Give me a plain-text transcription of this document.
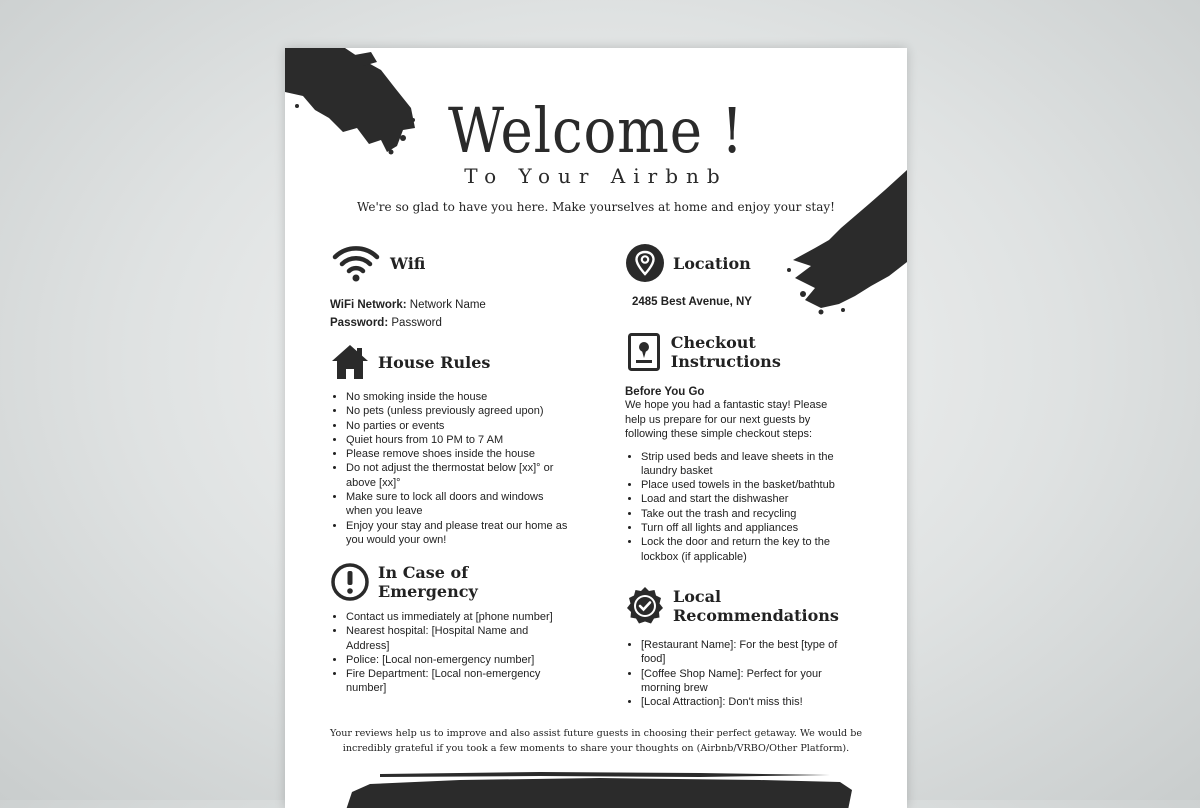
Welcome !
To Your Airbnb
We're so glad to have you here. Make yourselves at home and enjoy your stay!
Wifi
WiFi Network: Network Name
Password: Password
Location
2485 Best Avenue, NY
House Rules
• No smoking inside the house
• No pets (unless previously agreed upon)
• No parties or events
• Quiet hours from 10 PM to 7 AM
• Please remove shoes inside the house
• Do not adjust the thermostat below [xx]° or above [xx]°
• Make sure to lock all doors and windows when you leave
• Enjoy your stay and please treat our home as you would your own!
Checkout Instructions
Before You Go

We hope you had a fantastic stay! Please help us prepare for our next guests by following these simple checkout steps:

• Strip used beds and leave sheets in the laundry basket
• Place used towels in the basket/bathtub
• Load and start the dishwasher
• Take out the trash and recycling
• Turn off all lights and appliances
• Lock the door and return the key to the lockbox (if applicable)
In Case of Emergency
• Contact us immediately at [phone number]
• Nearest hospital: [Hospital Name and Address]
• Police: [Local non-emergency number]
• Fire Department: [Local non-emergency number]
Local Recommendations
• [Restaurant Name]: For the best [type of food]
• [Coffee Shop Name]: Perfect for your morning brew
• [Local Attraction]: Don't miss this!
Your reviews help us to improve and also assist future guests in choosing their perfect getaway. We would be incredibly grateful if you took a few moments to share your thoughts on (Airbnb/VRBO/Other Platform).
